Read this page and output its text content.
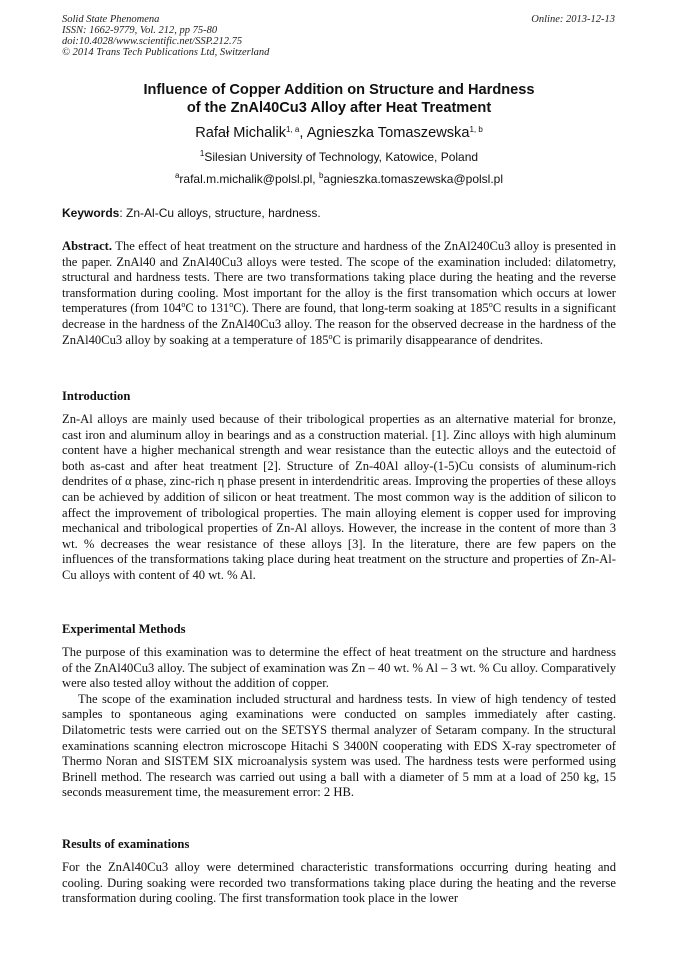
Solid State Phenomena
ISSN: 1662-9779, Vol. 212, pp 75-80
doi:10.4028/www.scientific.net/SSP.212.75
© 2014 Trans Tech Publications Ltd, Switzerland
Online: 2013-12-13
Influence of Copper Addition on Structure and Hardness
of the ZnAl40Cu3 Alloy after Heat Treatment
Rafał Michalik$^{1, a}$, Agnieszka Tomaszewska$^{1, b}$
$^1$Silesian University of Technology, Katowice, Poland
$^a$rafal.m.michalik@polsl.pl, $^b$agnieszka.tomaszewska@polsl.pl
Keywords: Zn-Al-Cu alloys, structure, hardness.
Abstract. The effect of heat treatment on the structure and hardness of the ZnAl240Cu3 alloy is presented in the paper. ZnAl40 and ZnAl40Cu3 alloys were tested. The scope of the examination included: dilatometry, structural and hardness tests. There are two transformations taking place during the heating and the reverse transformation during cooling. Most important for the alloy is the first transomation which occurs at lower temperatures (from 104$^o$C to 131$^o$C). There are found, that long-term soaking at 185$^o$C results in a significant decrease in the hardness of the ZnAl40Cu3 alloy. The reason for the observed decrease in the hardness of the ZnAl40Cu3 alloy by soaking at a temperature of 185$^o$C is primarily disappearance of dendrites.
Introduction
Zn-Al alloys are mainly used because of their tribological properties as an alternative material for bronze, cast iron and aluminum alloy in bearings and as a construction material. [1]. Zinc alloys with high aluminum content have a higher mechanical strength and wear resistance than the eutectic alloys and the eutectoid of both as-cast and after heat treatment [2]. Structure of Zn-40Al alloy-(1-5)Cu consists of aluminum-rich dendrites of α phase, zinc-rich η phase present in interdendritic areas. Improving the properties of these alloys can be achieved by addition of silicon or heat treatment. The most common way is the addition of silicon to affect the improvement of tribological properties. The main alloying element is copper used for improving mechanical and tribological properties of Zn-Al alloys. However, the increase in the content of more than 3 wt. % decreases the wear resistance of these alloys [3]. In the literature, there are few papers on the influences of the transformations taking place during heat treatment on the structure and properties of Zn-Al-Cu alloys with content of 40 wt. % Al.
Experimental Methods

The purpose of this examination was to determine the effect of heat treatment on the structure and hardness of the ZnAl40Cu3 alloy. The subject of examination was Zn – 40 wt. % Al – 3 wt. % Cu alloy. Comparatively were also tested alloy without the addition of copper.

The scope of the examination included structural and hardness tests. In view of high tendency of tested samples to spontaneous aging examinations were conducted on samples immediately after casting. Dilatometric tests were carried out on the SETSYS thermal analyzer of Setaram company. In the structural examinations scanning electron microscope Hitachi S 3400N cooperating with EDS X-ray spectrometer of Thermo Noran and SISTEM SIX microanalysis system was used. The hardness tests were performed using Brinell method. The research was carried out using a ball with a diameter of 5 mm at a load of 250 kg, 15 seconds measurement time, the measurement error: 2 HB.

Results of examinations
For the ZnAl40Cu3 alloy were determined characteristic transformations occurring during heating and cooling. During soaking were recorded two transformations taking place during the heating and the reverse transformation during cooling. The first transformation took place in the lower
